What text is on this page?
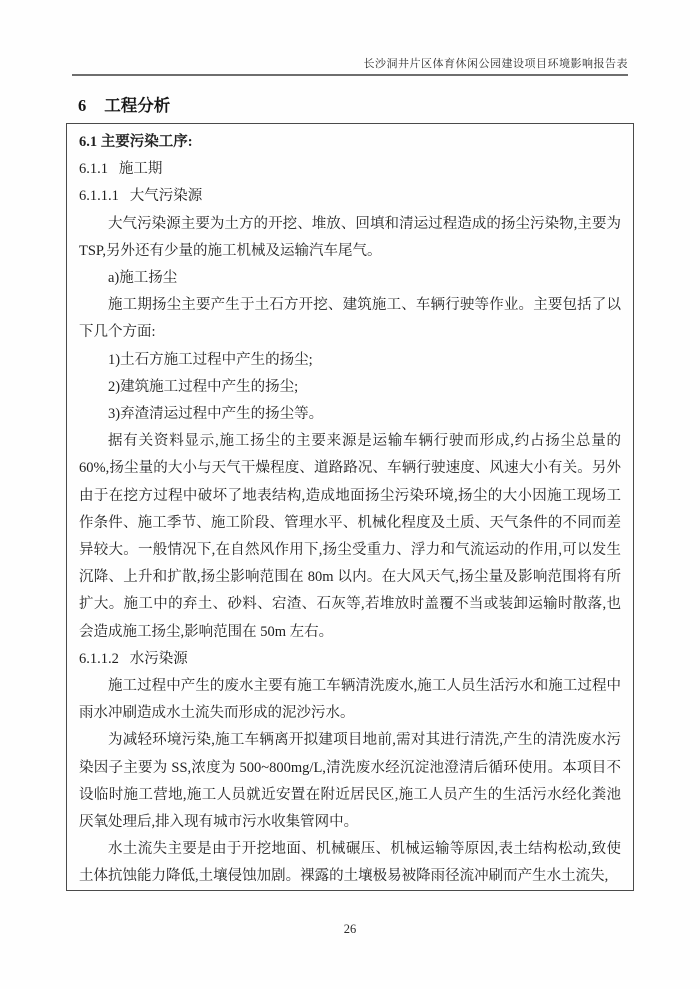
长沙洞井片区体育休闲公园建设项目环境影响报告表
6 工程分析
6.1 主要污染工序:
6.1.1   施工期
6.1.1.1   大气污染源
大气污染源主要为土方的开挖、堆放、回填和清运过程造成的扬尘污染物,主要为TSP,另外还有少量的施工机械及运输汽车尾气。
a)施工扬尘
施工期扬尘主要产生于土石方开挖、建筑施工、车辆行驶等作业。主要包括了以下几个方面:
1)土石方施工过程中产生的扬尘;
2)建筑施工过程中产生的扬尘;
3)弃渣清运过程中产生的扬尘等。
据有关资料显示,施工扬尘的主要来源是运输车辆行驶而形成,约占扬尘总量的60%,扬尘量的大小与天气干燥程度、道路路况、车辆行驶速度、风速大小有关。另外由于在挖方过程中破坏了地表结构,造成地面扬尘污染环境,扬尘的大小因施工现场工作条件、施工季节、施工阶段、管理水平、机械化程度及土质、天气条件的不同而差异较大。一般情况下,在自然风作用下,扬尘受重力、浮力和气流运动的作用,可以发生沉降、上升和扩散,扬尘影响范围在 80m 以内。在大风天气,扬尘量及影响范围将有所扩大。施工中的弃土、砂料、宕渣、石灰等,若堆放时盖覆不当或装卸运输时散落,也会造成施工扬尘,影响范围在 50m 左右。
6.1.1.2   水污染源
施工过程中产生的废水主要有施工车辆清洗废水,施工人员生活污水和施工过程中雨水冲刷造成水土流失而形成的泥沙污水。
为减轻环境污染,施工车辆离开拟建项目地前,需对其进行清洗,产生的清洗废水污染因子主要为 SS,浓度为 500~800mg/L,清洗废水经沉淀池澄清后循环使用。本项目不设临时施工营地,施工人员就近安置在附近居民区,施工人员产生的生活污水经化粪池厌氧处理后,排入现有城市污水收集管网中。
水土流失主要是由于开挖地面、机械碾压、机械运输等原因,表土结构松动,致使土体抗蚀能力降低,土壤侵蚀加剧。裸露的土壤极易被降雨径流冲刷而产生水土流失,
26
